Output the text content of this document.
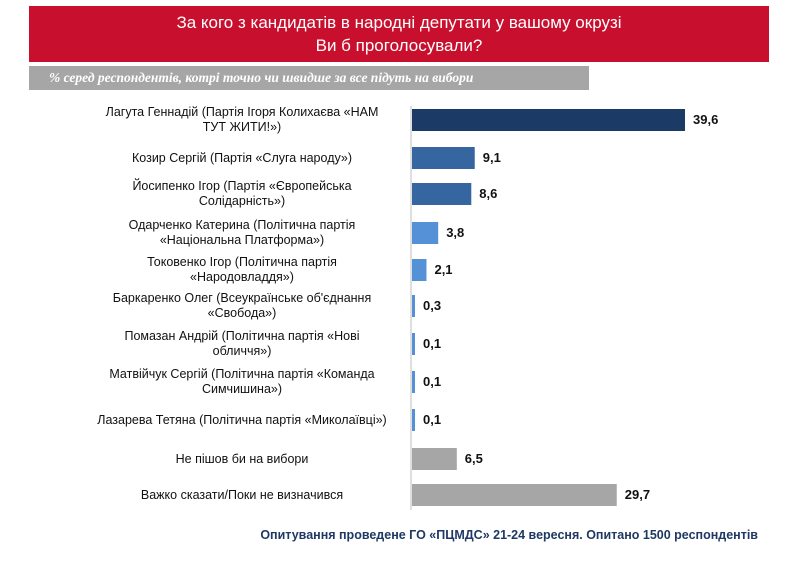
За кого з кандидатів в народні депутати у вашому окрузі
Ви б проголосували?
% серед респондентів, котрі точно чи швидше за все підуть на вибори
39,6
Лагута Геннадій (Партія Ігоря Колихаєва «НАМ
ТУТ ЖИТИ!»)
9,1
Козир Сергій (Партія «Слуга народу»)
8,6
Йосипенко Ігор (Партія «Європейська
Солідарність»)
3,8
Одарченко Катерина (Політична партія
«Національна Платформа»)
2,1
Токовенко Ігор (Політична партія
«Народовладдя»)
0,3
Баркаренко Олег (Всеукраїнське об'єднання
«Свобода»)
0,1
Помазан Андрій (Політична партія «Нові
обличчя»)
0,1
Матвійчук Сергій (Політична партія «Команда
Симчишина»)
0,1
Лазарева Тетяна (Політична партія «Миколаївці»)
6,5
Не пішов би на вибори
29,7
Важко сказати/Поки не визначився
Опитування проведене ГО «ПЦМДС» 21-24 вересня. Опитано 1500 респондентів
